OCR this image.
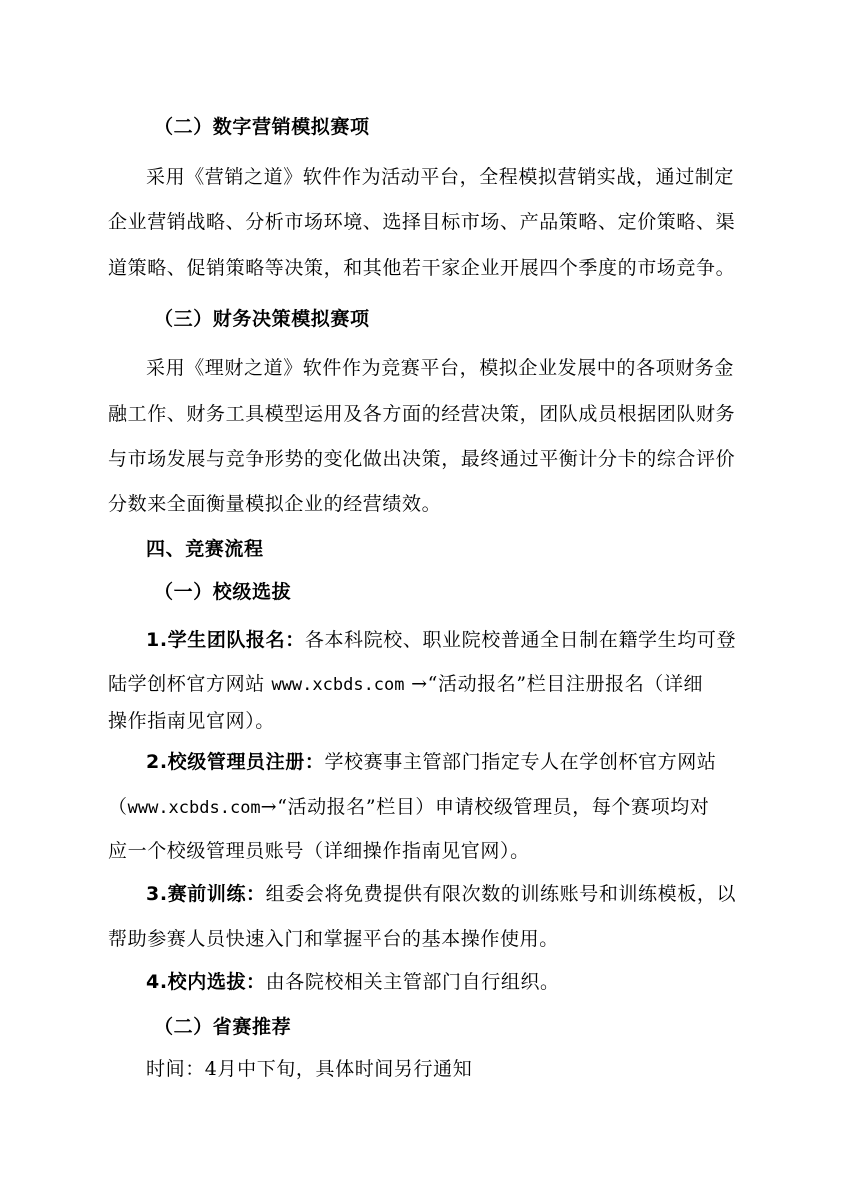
（二）数字营销模拟赛项
采用《营销之道》软件作为活动平台，全程模拟营销实战，通过制定
企业营销战略、分析市场环境、选择目标市场、产品策略、定价策略、渠
道策略、促销策略等决策，和其他若干家企业开展四个季度的市场竞争。
（三）财务决策模拟赛项
采用《理财之道》软件作为竞赛平台，模拟企业发展中的各项财务金
融工作、财务工具模型运用及各方面的经营决策，团队成员根据团队财务
与市场发展与竞争形势的变化做出决策，最终通过平衡计分卡的综合评价
分数来全面衡量模拟企业的经营绩效。
四、竞赛流程
（一）校级选拔
1.学生团队报名：各本科院校、职业院校普通全日制在籍学生均可登
陆学创杯官方网站 www.xcbds.com →“活动报名”栏目注册报名（详细
操作指南见官网）。
2.校级管理员注册：学校赛事主管部门指定专人在学创杯官方网站
（www.xcbds.com→“活动报名”栏目）申请校级管理员，每个赛项均对
应一个校级管理员账号（详细操作指南见官网）。
3.赛前训练：组委会将免费提供有限次数的训练账号和训练模板，以
帮助参赛人员快速入门和掌握平台的基本操作使用。
4.校内选拔：由各院校相关主管部门自行组织。
（二）省赛推荐
时间：4月中下旬，具体时间另行通知
